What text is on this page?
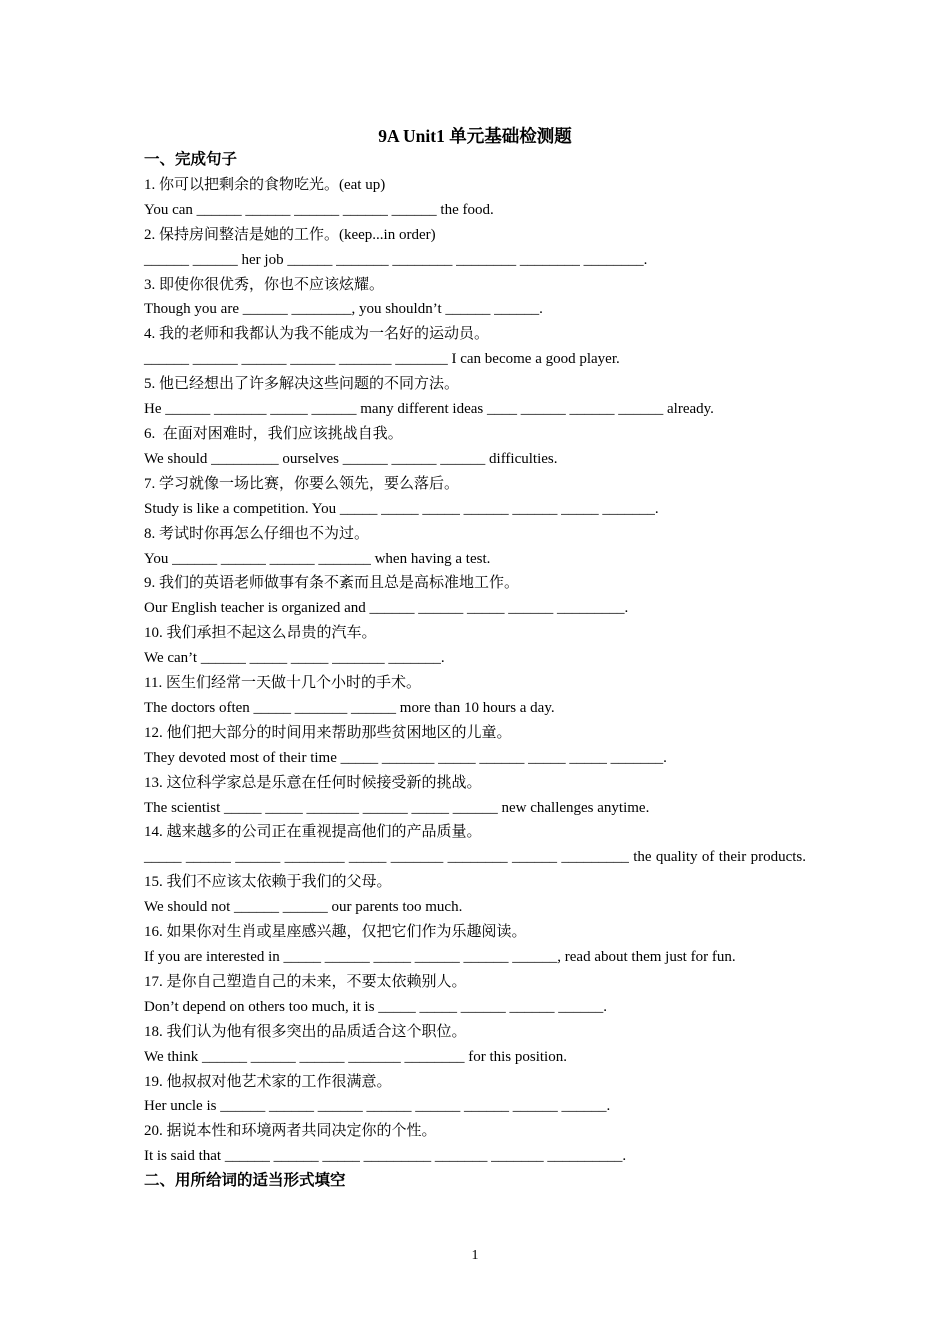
9A Unit1 单元基础检测题
一、完成句子
1. 你可以把剩余的食物吃光。(eat up)
You can ______ ______ ______ ______ ______ the food.
2. 保持房间整洁是她的工作。(keep...in order)
______ ______ her job ______ _______ ________ ________ ________ ________.
3. 即使你很优秀，你也不应该炫耀。
Though you are ______ ________, you shouldn’t ______ ______.
4. 我的老师和我都认为我不能成为一名好的运动员。
______ ______ ______ ______ _______ _______ I can become a good player.
5. 他已经想出了许多解决这些问题的不同方法。
He ______ _______ _____ ______ many different ideas ____ ______ ______ ______ already.
6.  在面对困难时，我们应该挑战自我。
We should _________ ourselves ______ ______ ______ difficulties.
7. 学习就像一场比赛，你要么领先，要么落后。
Study is like a competition. You _____ _____ _____ ______ ______ _____ _______.
8. 考试时你再怎么仔细也不为过。
You ______ ______ ______ _______ when having a test.
9. 我们的英语老师做事有条不紊而且总是高标准地工作。
Our English teacher is organized and ______ ______ _____ ______ _________.
10. 我们承担不起这么昂贵的汽车。
We can’t ______ _____ _____ _______ _______.
11. 医生们经常一天做十几个小时的手术。
The doctors often _____ _______ ______ more than 10 hours a day.
12. 他们把大部分的时间用来帮助那些贫困地区的儿童。
They devoted most of their time _____ _______ _____ ______ _____ _____ _______.
13. 这位科学家总是乐意在任何时候接受新的挑战。
The scientist _____ _____ _______ ______ _____ ______ new challenges anytime.
14. 越来越多的公司正在重视提高他们的产品质量。
_____ ______ ______ ________ _____ _______ ________ ______ _________ the quality of their products.
15. 我们不应该太依赖于我们的父母。
We should not ______ ______ our parents too much.
16. 如果你对生肖或星座感兴趣，仅把它们作为乐趣阅读。
If you are interested in _____ ______ _____ ______ ______ ______, read about them just for fun.
17. 是你自己塑造自己的未来，不要太依赖别人。
Don’t depend on others too much, it is _____ _____ ______ ______ ______.
18. 我们认为他有很多突出的品质适合这个职位。
We think ______ ______ ______ _______ ________ for this position.
19. 他叔叔对他艺术家的工作很满意。
Her uncle is ______ ______ ______ ______ ______ ______ ______ ______.
20. 据说本性和环境两者共同决定你的个性。
It is said that ______ ______ _____ _________ _______ _______ __________.
二、用所给词的适当形式填空
1
